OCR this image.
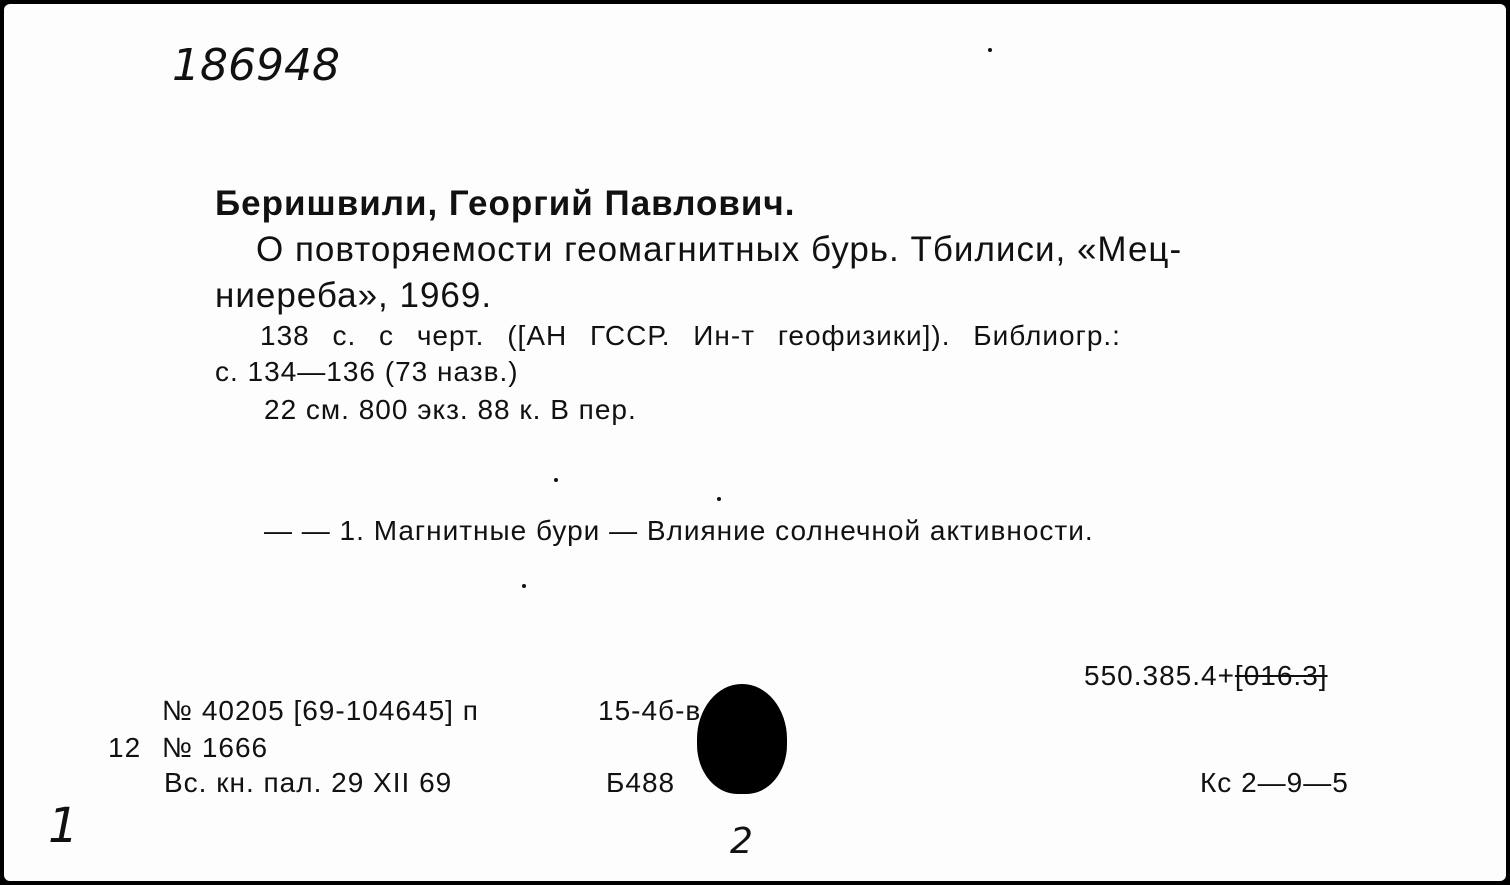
186948
Беришвили, Георгий Павлович.
О повторяемости геомагнитных бурь. Тбилиси, «Мец-
ниереба», 1969.
138 с. с черт. ([АН ГССР. Ин-т геофизики]). Библиогр.:
с. 134—136 (73 назв.)
22 см. 800 экз. 88 к. В пер.
— — 1. Магнитные бури — Влияние солнечной активности.
550.385.4+[016.3]
№ 40205 [69-104645] п	15-4б-в
12 № 1666
Вс. кн. пал. 29 XII 69	Б488	Кс 2—9—5
1	2
